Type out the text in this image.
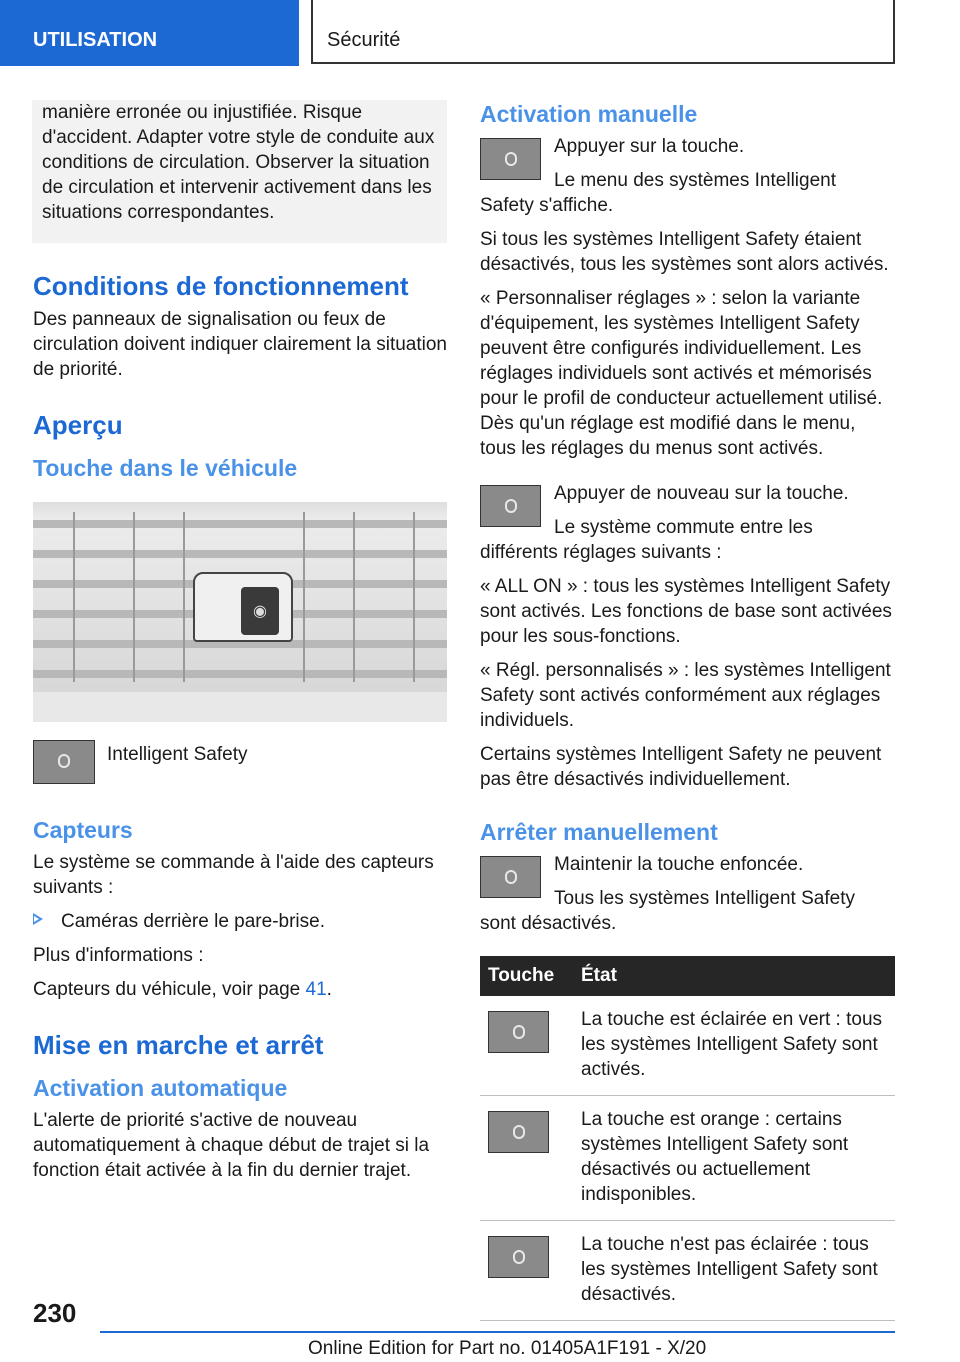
UTILISATION	Sécurité

manière erronée ou injustifiée. Risque d'accident. Adapter votre style de conduite aux conditions de circulation. Observer la situation de circulation et intervenir activement dans les situations correspondantes.

Conditions de fonctionnement

Des panneaux de signalisation ou feux de circulation doivent indiquer clairement la situation de priorité.

Aperçu
Touche dans le véhicule
◉

Intelligent Safety

Capteurs

Le système se commande à l'aide des capteurs suivants :

Caméras derrière le pare-brise.

Plus d'informations :

Capteurs du véhicule, voir page 41.

Mise en marche et arrêt
Activation automatique

L'alerte de priorité s'active de nouveau automatiquement à chaque début de trajet si la fonction était activée à la fin du dernier trajet.

Activation manuelle

Appuyer sur la touche.

Le menu des systèmes Intelligent Safety s'affiche.

Si tous les systèmes Intelligent Safety étaient désactivés, tous les systèmes sont alors activés.

« Personnaliser réglages » : selon la variante d'équipement, les systèmes Intelligent Safety peuvent être configurés individuellement. Les réglages individuels sont activés et mémorisés pour le profil de conducteur actuellement utilisé. Dès qu'un réglage est modifié dans le menu, tous les réglages du menus sont activés.

Appuyer de nouveau sur la touche.

Le système commute entre les différents réglages suivants :

« ALL ON » : tous les systèmes Intelligent Safety sont activés. Les fonctions de base sont activées pour les sous-fonctions.

« Régl. personnalisés » : les systèmes Intelligent Safety sont activés conformément aux réglages individuels.

Certains systèmes Intelligent Safety ne peuvent pas être désactivés individuellement.

Arrêter manuellement

Maintenir la touche enfoncée.

Tous les systèmes Intelligent Safety sont désactivés.

Touche	État
	La touche est éclairée en vert : tous les systèmes Intelligent Safety sont activés.
	La touche est orange : certains systèmes Intelligent Safety sont désactivés ou actuellement indisponibles.
	La touche n'est pas éclairée : tous les systèmes Intelligent Safety sont désactivés.
230
Online Edition for Part no. 01405A1F191 - X/20
